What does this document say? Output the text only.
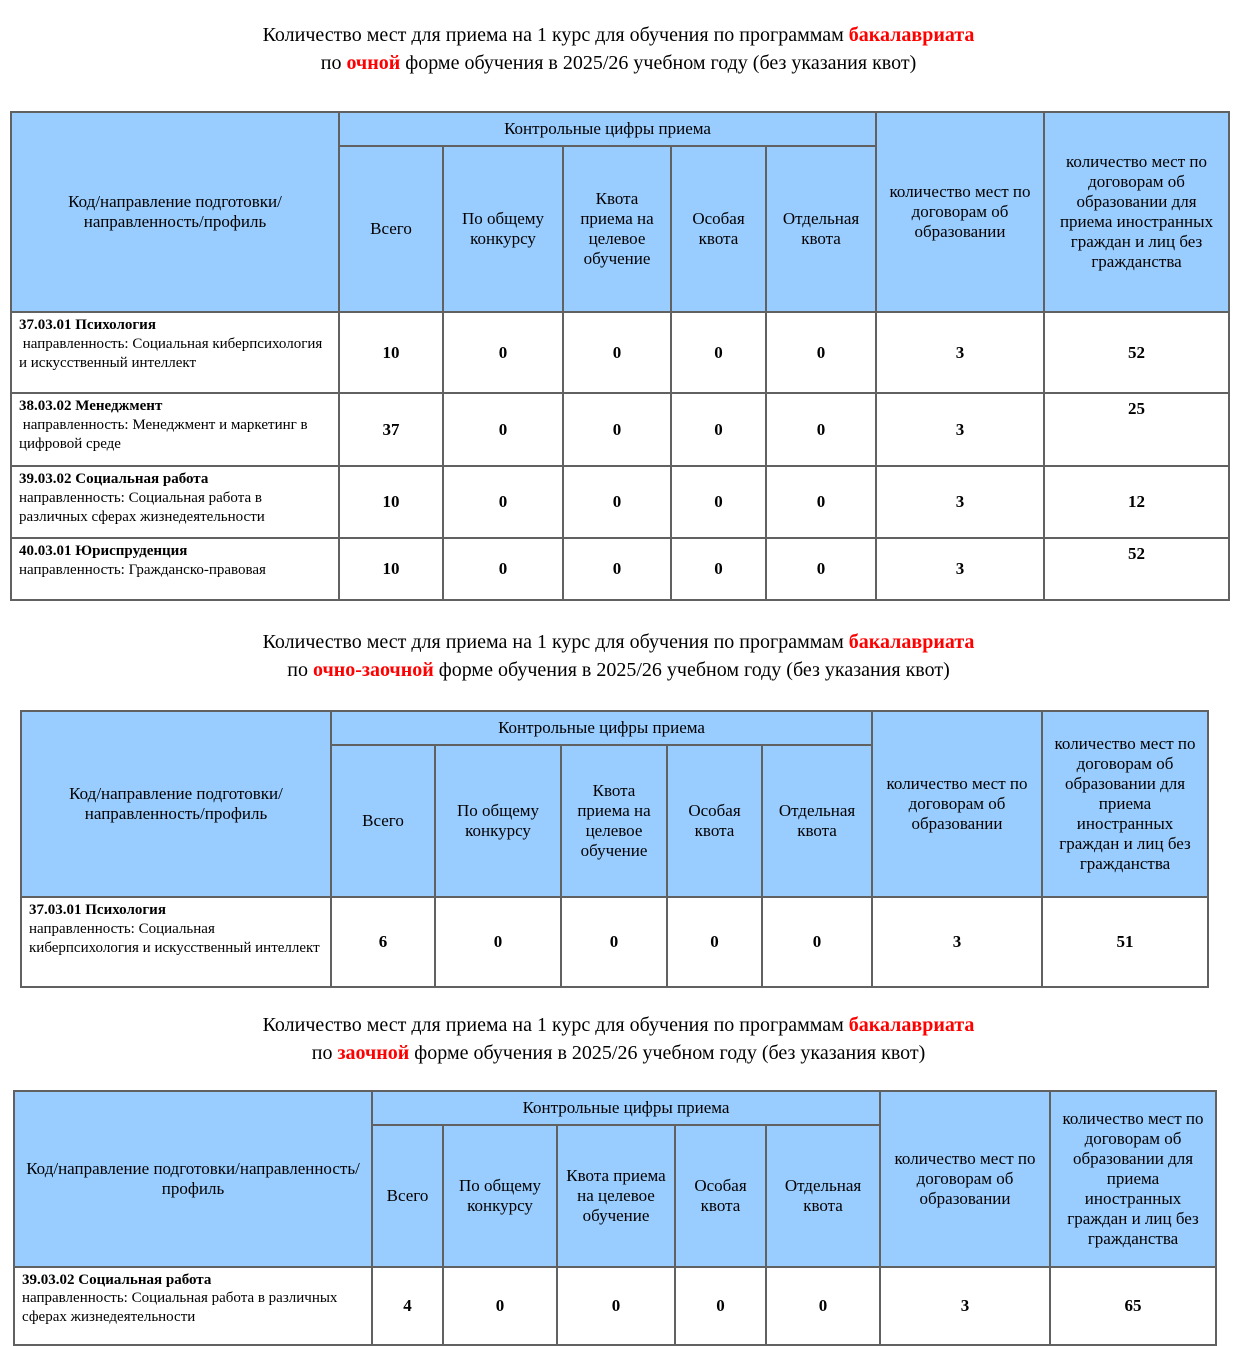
Количество мест для приема на 1 курс для обучения по программам бакалавриата
по очной форме обучения в 2025/26 учебном году (без указания квот)
Код/направление подготовки/направленность/профиль	Контрольные цифры приема					количество мест по договорам об образовании	количество мест по договорам об образовании для приема иностранных граждан и лиц без гражданства
	Всего	По общему конкурсу	Квота приема на целевое обучение	Особая квота	Отдельная квота		

37.03.01 Психология
направленность: Социальная киберпсихология и искусственный интеллект	10	0	0	0	0	3	52

38.03.02 Менеджмент
направленность: Менеджмент и маркетинг в цифровой среде	37	0	0	0	0	3	25

39.03.02 Социальная работа
направленность: Социальная работа в различных сферах жизнедеятельности	10	0	0	0	0	3	12

40.03.01 Юриспруденция
направленность: Гражданско-правовая	10	0	0	0	0	3	52
Количество мест для приема на 1 курс для обучения по программам бакалавриата
по очно-заочной форме обучения в 2025/26 учебном году (без указания квот)
Код/направление подготовки/направленность/профиль	Контрольные цифры приема					количество мест по договорам об образовании	количество мест по договорам об образовании для приема иностранных граждан и лиц без гражданства
	Всего	По общему конкурсу	Квота приема на целевое обучение	Особая квота	Отдельная квота		

37.03.01 Психология
направленность: Социальная киберпсихология и искусственный интеллект	6	0	0	0	0	3	51
Количество мест для приема на 1 курс для обучения по программам бакалавриата
по заочной форме обучения в 2025/26 учебном году (без указания квот)
Код/направление подготовки/направленность/профиль	Контрольные цифры приема					количество мест по договорам об образовании	количество мест по договорам об образовании для приема иностранных граждан и лиц без гражданства
	Всего	По общему конкурсу	Квота приема на целевое обучение	Особая квота	Отдельная квота		

39.03.02 Социальная работа
направленность: Социальная работа в различных сферах жизнедеятельности	4	0	0	0	0	3	65
